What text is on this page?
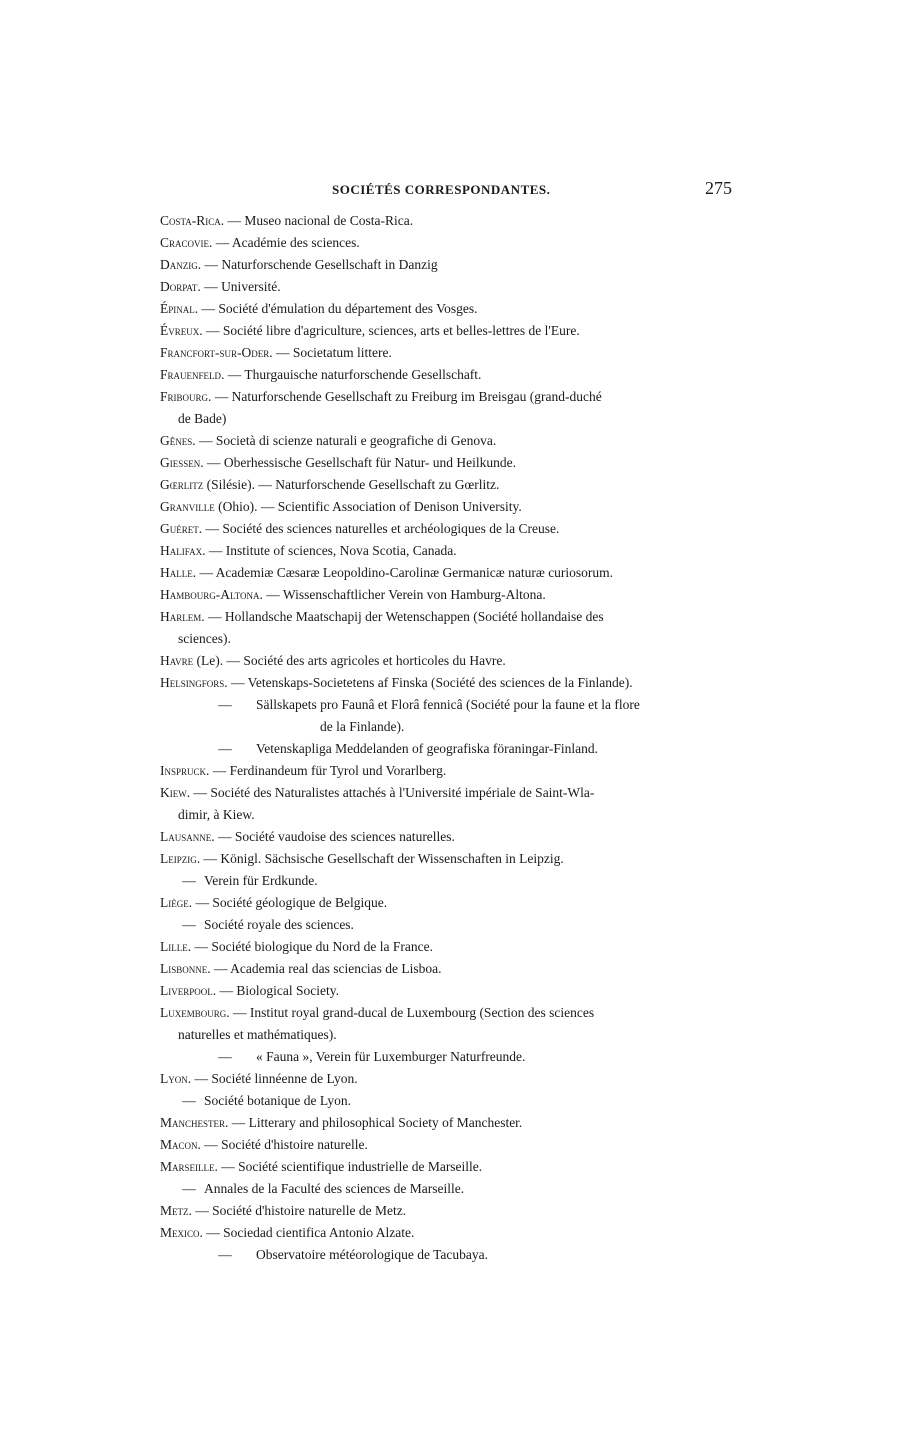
SOCIÉTÉS CORRESPONDANTES.	275

Costa-Rica. — Museo nacional de Costa-Rica.

Cracovie. — Académie des sciences.

Danzig. — Naturforschende Gesellschaft in Danzig

Dorpat. — Université.

Épinal. — Société d'émulation du département des Vosges.

Évreux. — Société libre d'agriculture, sciences, arts et belles-lettres de l'Eure.

Francfort-sur-Oder. — Societatum littere.

Frauenfeld. — Thurgauische naturforschende Gesellschaft.

Fribourg. — Naturforschende Gesellschaft zu Freiburg im Breisgau (grand-duché
de Bade)

Gênes. — Società di scienze naturali e geografiche di Genova.

Giessen. — Oberhessische Gesellschaft für Natur- und Heilkunde.

Gœrlitz (Silésie). — Naturforschende Gesellschaft zu Gœrlitz.

Granville (Ohio). — Scientific Association of Denison University.

Guéret. — Société des sciences naturelles et archéologiques de la Creuse.

Halifax. — Institute of sciences, Nova Scotia, Canada.

Halle. — Academiæ Cæsaræ Leopoldino-Carolinæ Germanicæ naturæ curiosorum.

Hambourg-Altona. — Wissenschaftlicher Verein von Hamburg-Altona.

Harlem. — Hollandsche Maatschapij der Wetenschappen (Société hollandaise des
sciences).

Havre (Le). — Société des arts agricoles et horticoles du Havre.

Helsingfors. — Vetenskaps-Societetens af Finska (Société des sciences de la Finlande).

— Sällskapets pro Faunâ et Florâ fennicâ (Société pour la faune et la flore
de la Finlande).

— Vetenskapliga Meddelanden of geografiska föraningar-Finland.

Inspruck. — Ferdinandeum für Tyrol und Vorarlberg.

Kiew. — Société des Naturalistes attachés à l'Université impériale de Saint-Wla-
dimir, à Kiew.

Lausanne. — Société vaudoise des sciences naturelles.

Leipzig. — Königl. Sächsische Gesellschaft der Wissenschaften in Leipzig.

— Verein für Erdkunde.

Liège. — Société géologique de Belgique.

— Société royale des sciences.

Lille. — Société biologique du Nord de la France.

Lisbonne. — Academia real das sciencias de Lisboa.

Liverpool. — Biological Society.

Luxembourg. — Institut royal grand-ducal de Luxembourg (Section des sciences
naturelles et mathématiques).

— « Fauna », Verein für Luxemburger Naturfreunde.

Lyon. — Société linnéenne de Lyon.

— Société botanique de Lyon.

Manchester. — Litterary and philosophical Society of Manchester.

Macon. — Société d'histoire naturelle.

Marseille. — Société scientifique industrielle de Marseille.

— Annales de la Faculté des sciences de Marseille.

Metz. — Société d'histoire naturelle de Metz.

Mexico. — Sociedad cientifica Antonio Alzate.

— Observatoire météorologique de Tacubaya.
